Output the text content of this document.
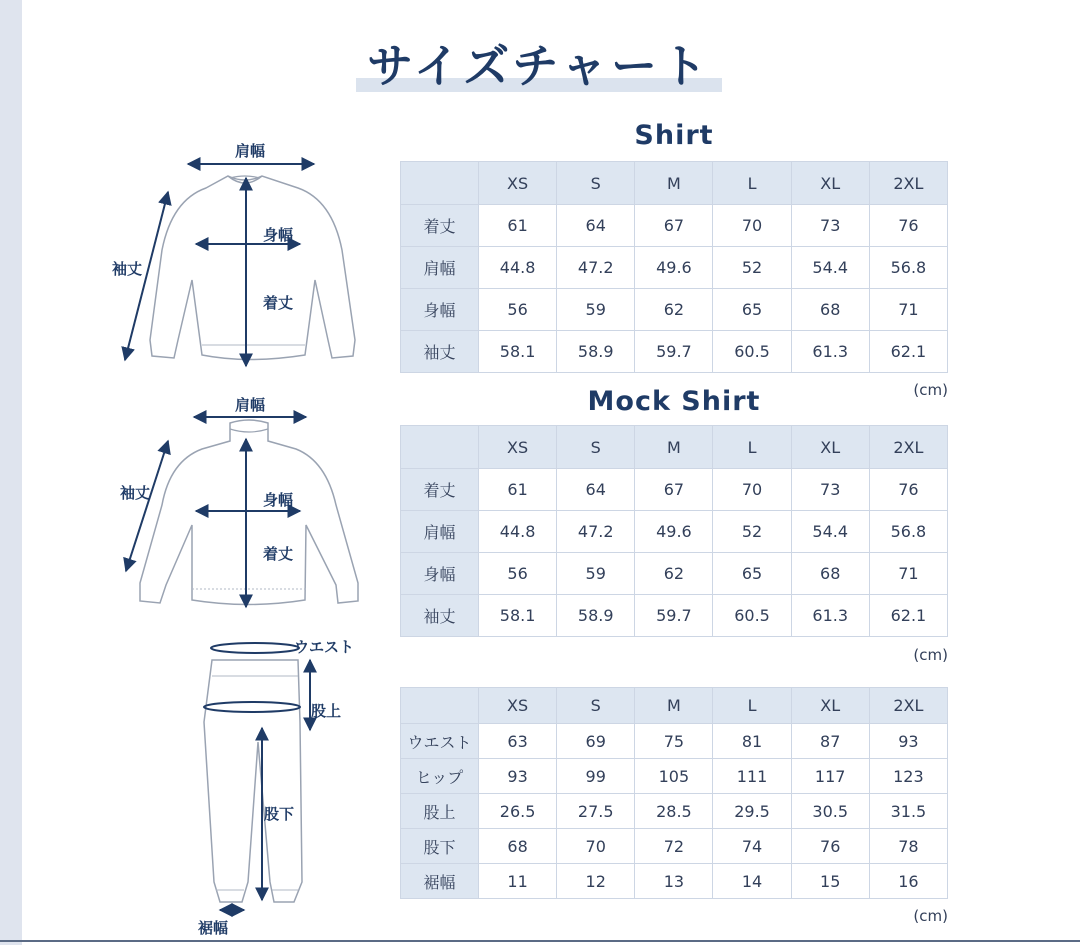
サイズチャート
肩幅
身幅
着丈
袖丈
肩幅
身幅
着丈
袖丈
ウエスト
股上
股下
裾幅
Shirt
	XS	S	M	L	XL	2XL
着丈	61	64	67	70	73	76
肩幅	44.8	47.2	49.6	52	54.4	56.8
身幅	56	59	62	65	68	71
袖丈	58.1	58.9	59.7	60.5	61.3	62.1
(cm)
Mock Shirt
	XS	S	M	L	XL	2XL
着丈	61	64	67	70	73	76
肩幅	44.8	47.2	49.6	52	54.4	56.8
身幅	56	59	62	65	68	71
袖丈	58.1	58.9	59.7	60.5	61.3	62.1
(cm)
	XS	S	M	L	XL	2XL
ウエスト	63	69	75	81	87	93
ヒップ	93	99	105	111	117	123
股上	26.5	27.5	28.5	29.5	30.5	31.5
股下	68	70	72	74	76	78
裾幅	11	12	13	14	15	16
(cm)
